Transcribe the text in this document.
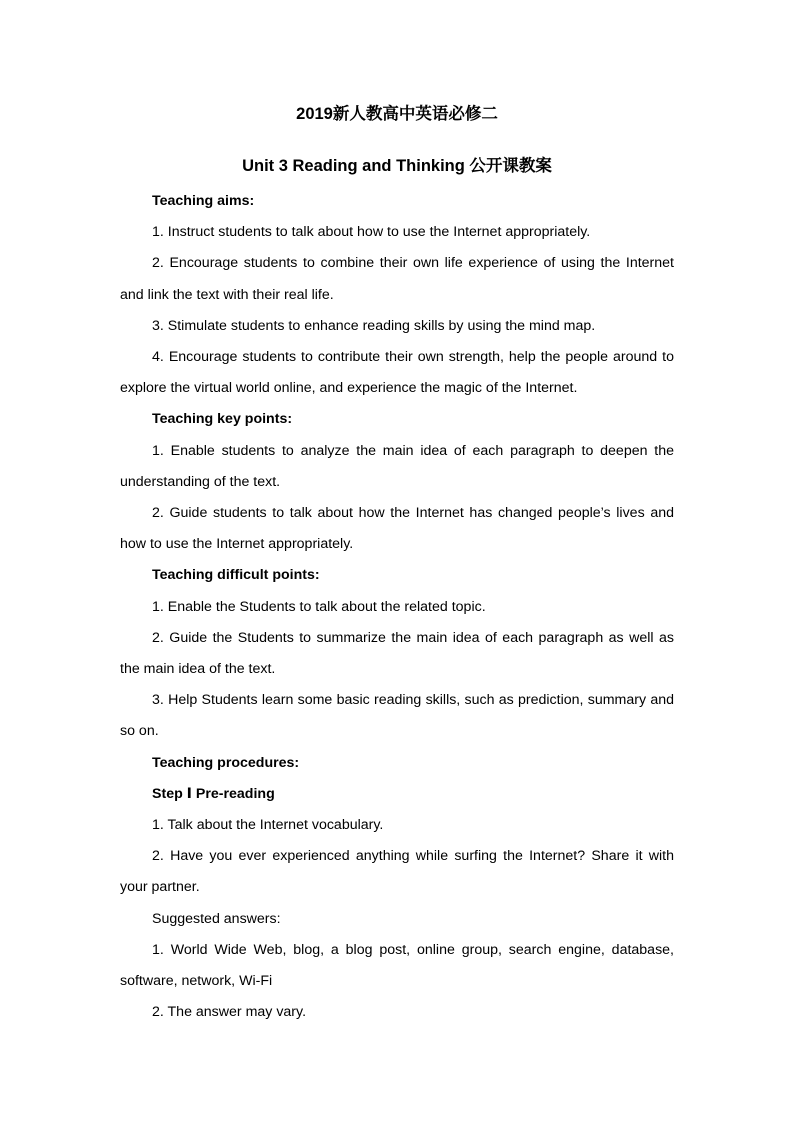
2019新人教高中英语必修二
Unit 3 Reading and Thinking 公开课教案

Teaching aims:

1. Instruct students to talk about how to use the Internet appropriately.

2. Encourage students to combine their own life experience of using the Internet and link the text with their real life.

3. Stimulate students to enhance reading skills by using the mind map.

4. Encourage students to contribute their own strength, help the people around to explore the virtual world online, and experience the magic of the Internet.

Teaching key points:

1. Enable students to analyze the main idea of each paragraph to deepen the understanding of the text.

2. Guide students to talk about how the Internet has changed people’s lives and how to use the Internet appropriately.

Teaching difficult points:

1. Enable the Students to talk about the related topic.

2. Guide the Students to summarize the main idea of each paragraph as well as the main idea of the text.

3. Help Students learn some basic reading skills, such as prediction, summary and so on.

Teaching procedures:

Step Ⅰ Pre-reading

1. Talk about the Internet vocabulary.

2. Have you ever experienced anything while surfing the Internet? Share it with your partner.

Suggested answers:

1. World Wide Web, blog, a blog post, online group, search engine, database, software, network, Wi-Fi

2. The answer may vary.
